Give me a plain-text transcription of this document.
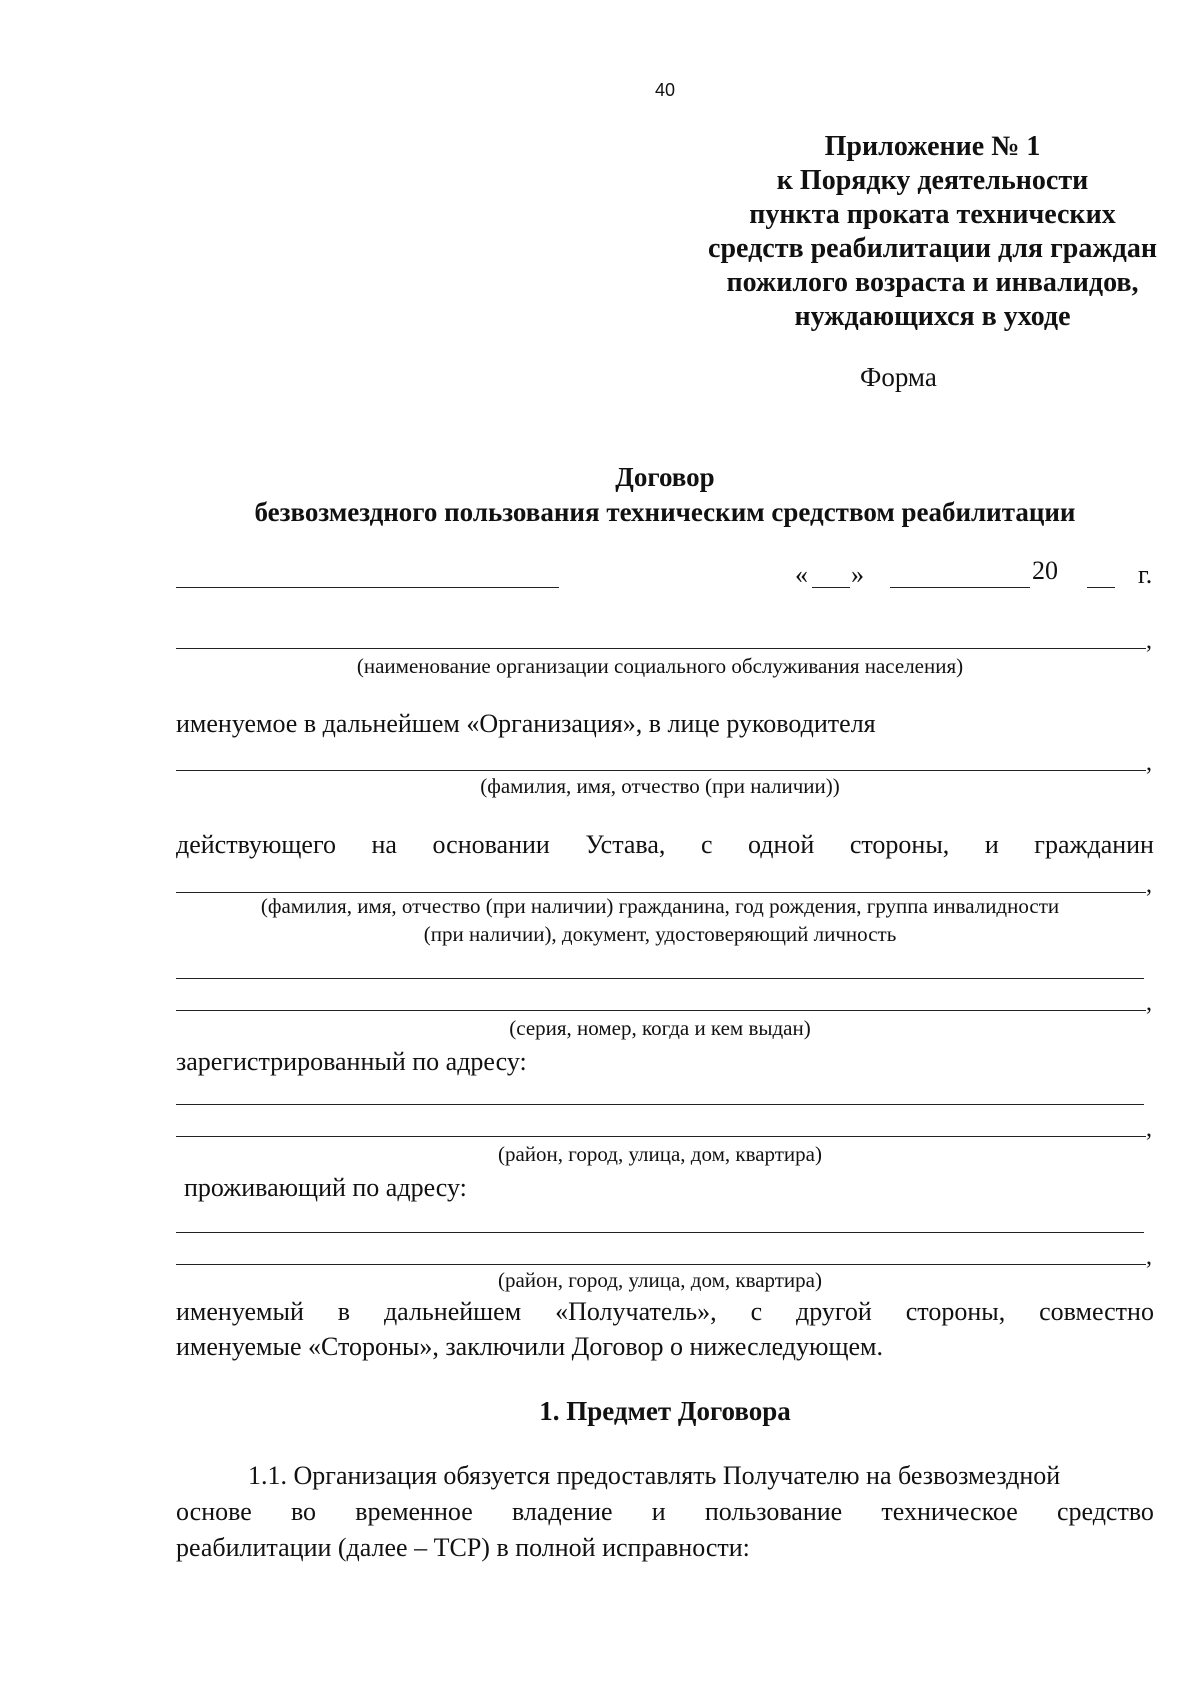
40
Приложение № 1
к Порядку деятельности
пункта проката технических
средств реабилитации для граждан
пожилого возраста и инвалидов,
нуждающихся в уходе
Форма
Договор
безвозмездного пользования техническим средством реабилитации
« »	20	г.
,
(наименование организации социального обслуживания населения)
именуемое в дальнейшем «Организация», в лице руководителя
,
(фамилия, имя, отчество (при наличии))
действующего на основании Устава, с одной стороны, и гражданин
,
(фамилия, имя, отчество (при наличии) гражданина, год рождения, группа инвалидности
(при наличии), документ, удостоверяющий личность
,
(серия, номер, когда и кем выдан)
зарегистрированный по адресу:
,
(район, город, улица, дом, квартира)
проживающий по адресу:
,
(район, город, улица, дом, квартира)
именуемый в дальнейшем «Получатель», с другой стороны, совместно
именуемые «Стороны», заключили Договор о нижеследующем.
1. Предмет Договора
1.1. Организация обязуется предоставлять Получателю на безвозмездной
основе во временное владение и пользование техническое средство
реабилитации (далее – ТСР) в полной исправности:
